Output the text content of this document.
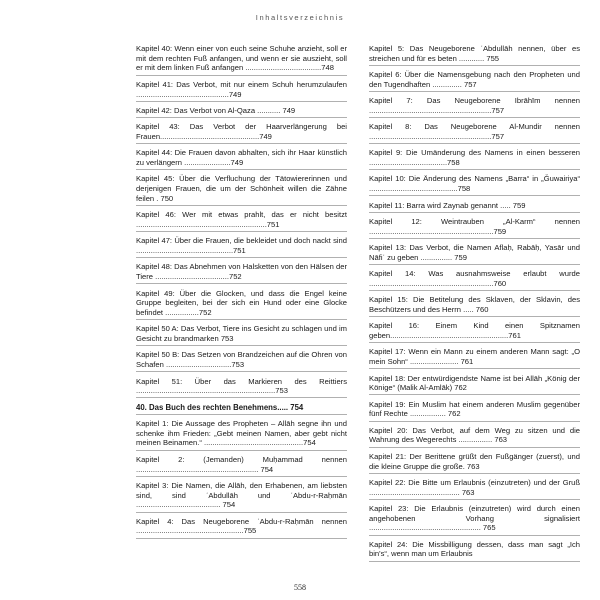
Inhaltsverzeichnis
Kapitel 40: Wenn einer von euch seine Schuhe anzieht, soll er mit dem rechten Fuß anfangen, und wenn er sie auszieht, soll er mit dem linken Fuß anfangen ....................................748
Kapitel 41: Das Verbot, mit nur einem Schuh herumzulaufen ............................................749
Kapitel 42: Das Verbot von Al-Qaza ........... 749
Kapitel 43: Das Verbot der Haarverlängerung bei Frauen...............................................749
Kapitel 44: Die Frauen davon abhalten, sich ihr Haar künstlich zu verlängern ......................749
Kapitel 45: Über die Verfluchung der Tätowiererinnen und derjenigen Frauen, die um der Schönheit willen die Zähne feilen . 750
Kapitel 46: Wer mit etwas prahlt, das er nicht besitzt ..............................................................751
Kapitel 47: Über die Frauen, die bekleidet und doch nackt sind ..............................................751
Kapitel 48: Das Abnehmen von Halsketten von den Hälsen der Tiere ...................................752
Kapitel 49: Über die Glocken, und dass die Engel keine Gruppe begleiten, bei der sich ein Hund oder eine Glocke befindet ................752
Kapitel 50 A: Das Verbot, Tiere ins Gesicht zu schlagen und im Gesicht zu brandmarken 753
Kapitel 50 B: Das Setzen von Brandzeichen auf die Ohren von Schafen ...............................753
Kapitel 51: Über das Markieren des Reittiers ..................................................................753
40. Das Buch des rechten Benehmens..... 754
Kapitel 1: Die Aussage des Propheten – Allāh segne ihn und schenke ihm Frieden: „Gebt meinen Namen, aber gebt nicht meinen Beinamen.“ ...............................................754
Kapitel 2: (Jemanden) Muḥammad nennen .......................................................... 754
Kapitel 3: Die Namen, die Allāh, den Erhabenen, am liebsten sind, sind ʿAbdullāh und ʿAbdu-r-Raḥmān ........................................ 754
Kapitel 4: Das Neugeborene ʿAbdu-r-Raḥmān nennen ...................................................755
Kapitel 5: Das Neugeborene ʿAbdullāh nennen, über es streichen und für es beten ............ 755
Kapitel 6: Über die Namensgebung nach den Propheten und den Tugendhaften .............. 757
Kapitel 7: Das Neugeborene Ibrāhīm nennen ..........................................................757
Kapitel 8: Das Neugeborene Al-Mundir nennen ..........................................................757
Kapitel 9: Die Umänderung des Namens in einen besseren .....................................758
Kapitel 10: Die Änderung des Namens „Barra“ in „Ǧuwairiya“ ..........................................758
Kapitel 11: Barra wird Zaynab genannt ..... 759
Kapitel 12: Weintrauben „Al-Karm“ nennen ...........................................................759
Kapitel 13: Das Verbot, die Namen Aflaḥ, Rabāḥ, Yasār und Nāfiʿ zu geben ............... 759
Kapitel 14: Was ausnahmsweise erlaubt wurde ...........................................................760
Kapitel 15: Die Betitelung des Sklaven, der Sklavin, des Beschützers und des Herrn ..... 760
Kapitel 16: Einem Kind einen Spitznamen geben........................................................761
Kapitel 17: Wenn ein Mann zu einem anderen Mann sagt: „O mein Sohn“ ....................... 761
Kapitel 18: Der entwürdigendste Name ist bei Allāh „König der Könige“ (Malik Al-Amlāk) 762
Kapitel 19: Ein Muslim hat einem anderen Muslim gegenüber fünf Rechte ................. 762
Kapitel 20: Das Verbot, auf dem Weg zu sitzen und die Wahrung des Wegerechts ................ 763
Kapitel 21: Der Berittene grüßt den Fußgänger (zuerst), und die kleine Gruppe die große. 763
Kapitel 22: Die Bitte um Erlaubnis (einzutreten) und der Gruß ........................................... 763
Kapitel 23: Die Erlaubnis (einzutreten) wird durch einen angehobenen Vorhang signalisiert ..................................................... 765
Kapitel 24: Die Missbilligung dessen, dass man sagt „Ich bin's“, wenn man um Erlaubnis
558
